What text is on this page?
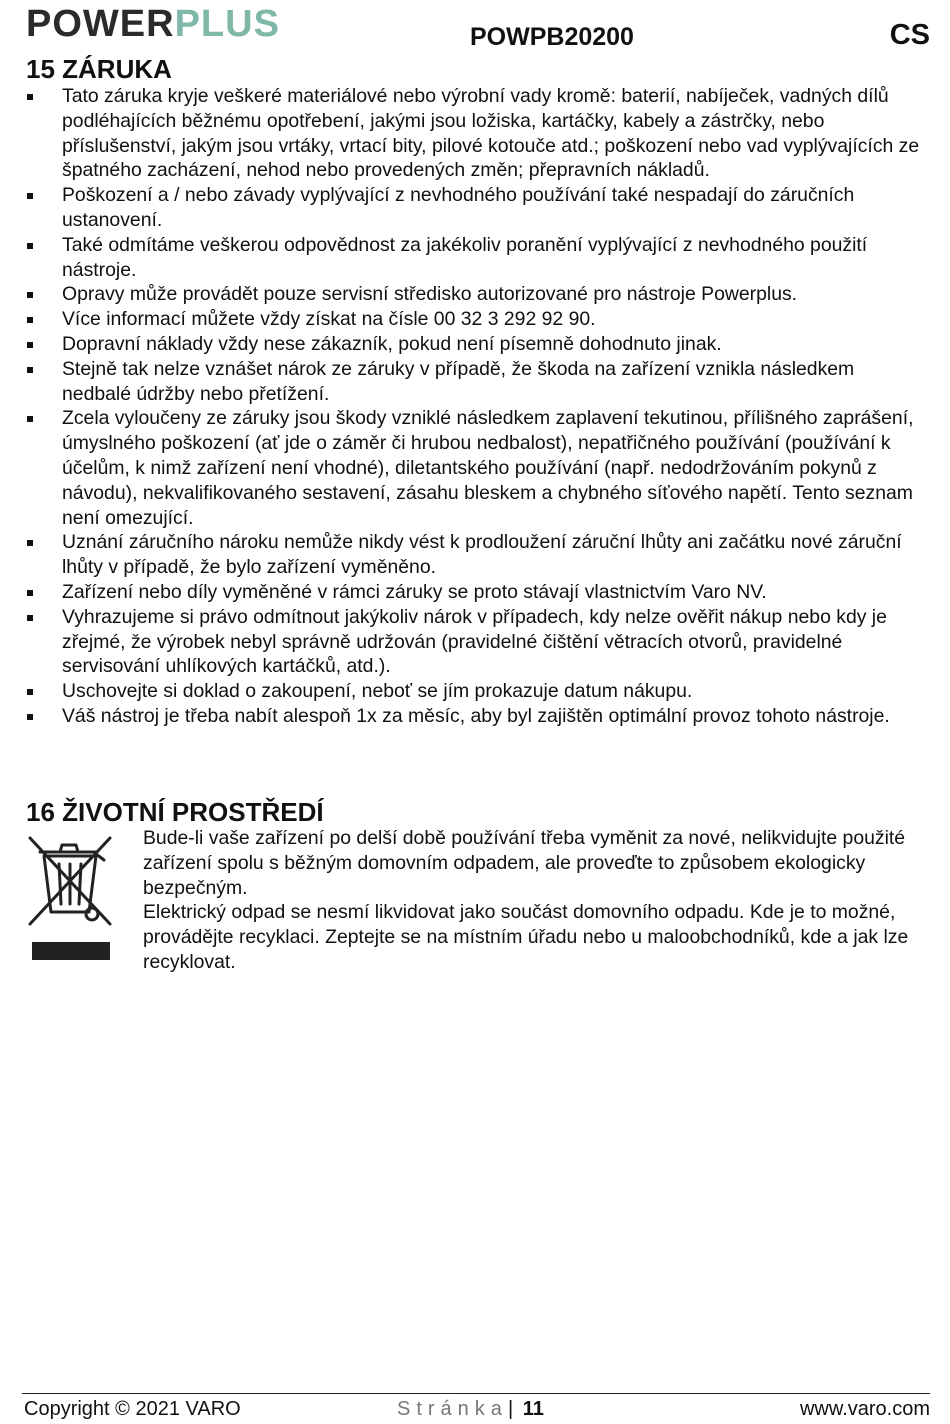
POWERPLUS	POWPB20200	CS
15 ZÁRUKA
Tato záruka kryje veškeré materiálové nebo výrobní vady kromě: baterií, nabíječek, vadných dílů podléhajících běžnému opotřebení, jakými jsou ložiska, kartáčky, kabely a zástrčky, nebo příslušenství, jakým jsou vrtáky, vrtací bity, pilové kotouče atd.; poškození nebo vad vyplývajících ze špatného zacházení, nehod nebo provedených změn; přepravních nákladů.
Poškození a / nebo závady vyplývající z nevhodného používání také nespadají do záručních ustanovení.
Také odmítáme veškerou odpovědnost za jakékoliv poranění vyplývající z nevhodného použití nástroje.
Opravy může provádět pouze servisní středisko autorizované pro nástroje Powerplus.
Více informací můžete vždy získat na čísle 00 32 3 292 92 90.
Dopravní náklady vždy nese zákazník, pokud není písemně dohodnuto jinak.
Stejně tak nelze vznášet nárok ze záruky v případě, že škoda na zařízení vznikla následkem nedbalé údržby nebo přetížení.
Zcela vyloučeny ze záruky jsou škody vzniklé následkem zaplavení tekutinou, přílišného zaprášení, úmyslného poškození (ať jde o záměr či hrubou nedbalost), nepatřičného používání (používání k účelům, k nimž zařízení není vhodné), diletantského používání (např. nedodržováním pokynů z návodu), nekvalifikovaného sestavení, zásahu bleskem a chybného síťového napětí. Tento seznam není omezující.
Uznání záručního nároku nemůže nikdy vést k prodloužení záruční lhůty ani začátku nové záruční lhůty v případě, že bylo zařízení vyměněno.
Zařízení nebo díly vyměněné v rámci záruky se proto stávají vlastnictvím Varo NV.
Vyhrazujeme si právo odmítnout jakýkoliv nárok v případech, kdy nelze ověřit nákup nebo kdy je zřejmé, že výrobek nebyl správně udržován (pravidelné čištění větracích otvorů, pravidelné servisování uhlíkových kartáčků, atd.).
Uschovejte si doklad o zakoupení, neboť se jím prokazuje datum nákupu.
Váš nástroj je třeba nabít alespoň 1x za měsíc, aby byl zajištěn optimální provoz tohoto nástroje.
16 ŽIVOTNÍ PROSTŘEDÍ

Bude-li vaše zařízení po delší době používání třeba vyměnit za nové, nelikvidujte použité zařízení spolu s běžným domovním odpadem, ale proveďte to způsobem ekologicky bezpečným.

Elektrický odpad se nesmí likvidovat jako součást domovního odpadu. Kde je to možné, provádějte recyklaci. Zeptejte se na místním úřadu nebo u maloobchodníků, kde a jak lze recyklovat.

Copyright © 2021 VARO	Stránka| 11	www.varo.com
